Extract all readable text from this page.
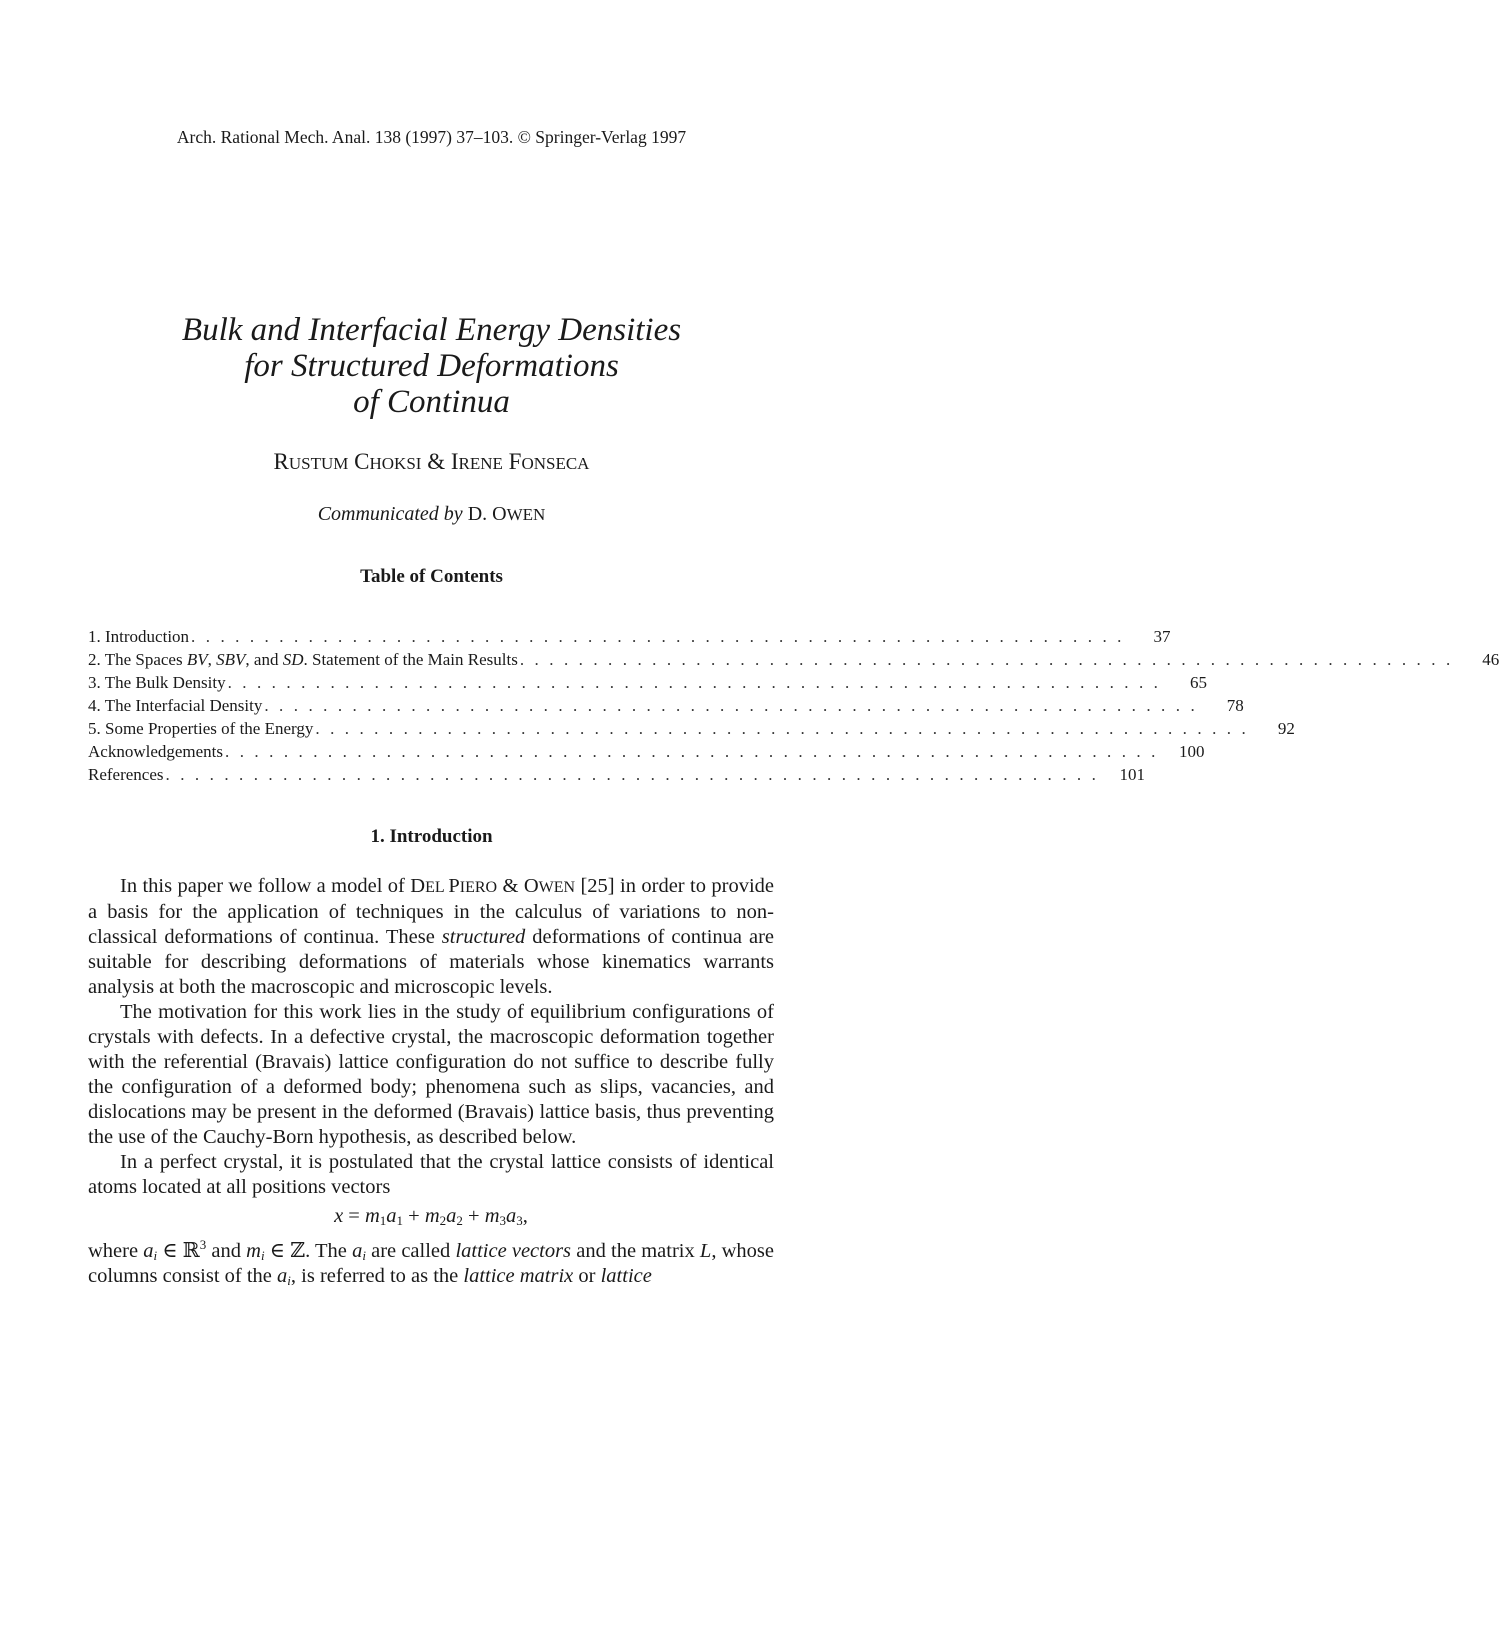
Arch. Rational Mech. Anal. 138 (1997) 37–103. © Springer-Verlag 1997
Bulk and Interfacial Energy Densities
for Structured Deformations
of Continua
RUSTUM CHOKSI & IRENE FONSECA
Communicated by D. OWEN
Table of Contents
1. Introduction . . . . . . . . . . . . . . . . . . . . . . . . . . . . . . . . . . . . . . . . . . . . . . . . . . . . . . . . . . . . . . . .	37
2. The Spaces BV, SBV, and SD. Statement of the Main Results . . . . . . . . . . . . . . . . . . . . . . . . . . . . . . . . . . . . . . . . . . . . . . . . . . . . . . . . . . . . . . . .	46
3. The Bulk Density . . . . . . . . . . . . . . . . . . . . . . . . . . . . . . . . . . . . . . . . . . . . . . . . . . . . . . . . . . . . . . . .	65
4. The Interfacial Density . . . . . . . . . . . . . . . . . . . . . . . . . . . . . . . . . . . . . . . . . . . . . . . . . . . . . . . . . . . . . . . .	78
5. Some Properties of the Energy . . . . . . . . . . . . . . . . . . . . . . . . . . . . . . . . . . . . . . . . . . . . . . . . . . . . . . . . . . . . . . . .	92
Acknowledgements . . . . . . . . . . . . . . . . . . . . . . . . . . . . . . . . . . . . . . . . . . . . . . . . . . . . . . . . . . . . . . . .	100
References . . . . . . . . . . . . . . . . . . . . . . . . . . . . . . . . . . . . . . . . . . . . . . . . . . . . . . . . . . . . . . . .	101
1. Introduction

In this paper we follow a model of DEL PIERO & OWEN [25] in order to provide a basis for the application of techniques in the calculus of variations to non-classical deformations of continua. These structured deformations of continua are suitable for describing deformations of materials whose kinematics warrants analysis at both the macroscopic and microscopic levels.

The motivation for this work lies in the study of equilibrium configurations of crystals with defects. In a defective crystal, the macroscopic deformation together with the referential (Bravais) lattice configuration do not suffice to describe fully the configuration of a deformed body; phenomena such as slips, vacancies, and dislocations may be present in the deformed (Bravais) lattice basis, thus preventing the use of the Cauchy-Born hypothesis, as described below.

In a perfect crystal, it is postulated that the crystal lattice consists of identical atoms located at all positions vectors

$x = m_1a_1 + m_2a_2 + m_3a_3$,

where $a_i$ ∈ ℝ$^3$ and $m_i$ ∈ ℤ. The $a_i$ are called lattice vectors and the matrix L, whose columns consist of the $a_i$, is referred to as the lattice matrix or lattice
